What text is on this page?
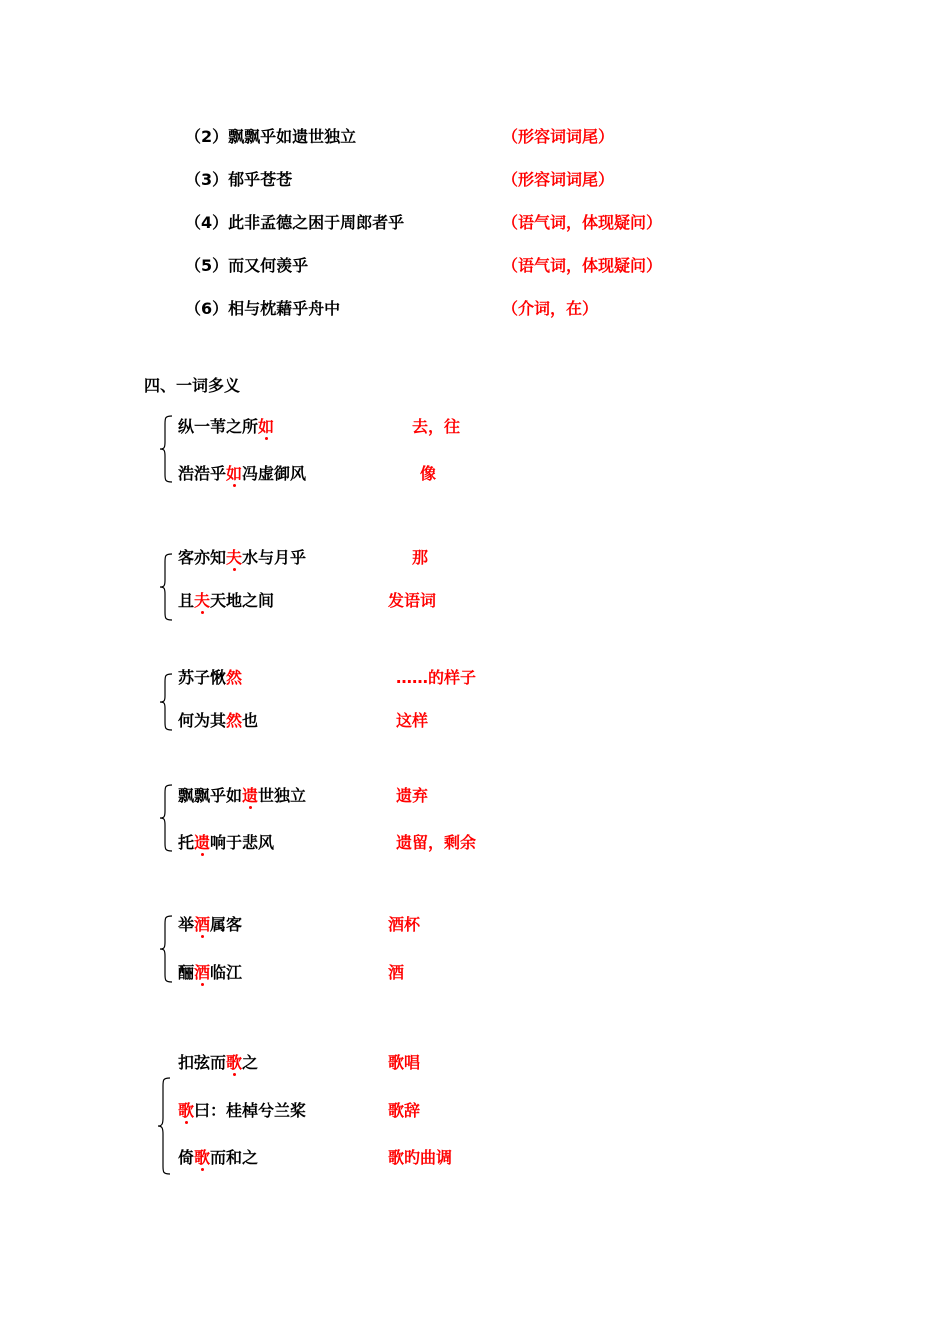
（2）飘飘乎如遗世独立	（形容词词尾）
（3）郁乎苍苍	（形容词词尾）
（4）此非孟德之困于周郎者乎	（语气词，体现疑问）
（5）而又何羡乎	（语气词，体现疑问）
（6）相与枕藉乎舟中	（介词，在）
四、一词多义
纵一苇之所如	去，往
浩浩乎如冯虚御风	像
客亦知夫水与月乎	那
且夫天地之间	发语词
苏子愀然	……的样子
何为其然也	这样
飘飘乎如遗世独立	遗弃
托遗响于悲风	遗留，剩余
举酒属客	酒杯
酾酒临江	酒
扣弦而歌之	歌唱
歌曰：桂棹兮兰桨	歌辞
倚歌而和之	歌旳曲调
